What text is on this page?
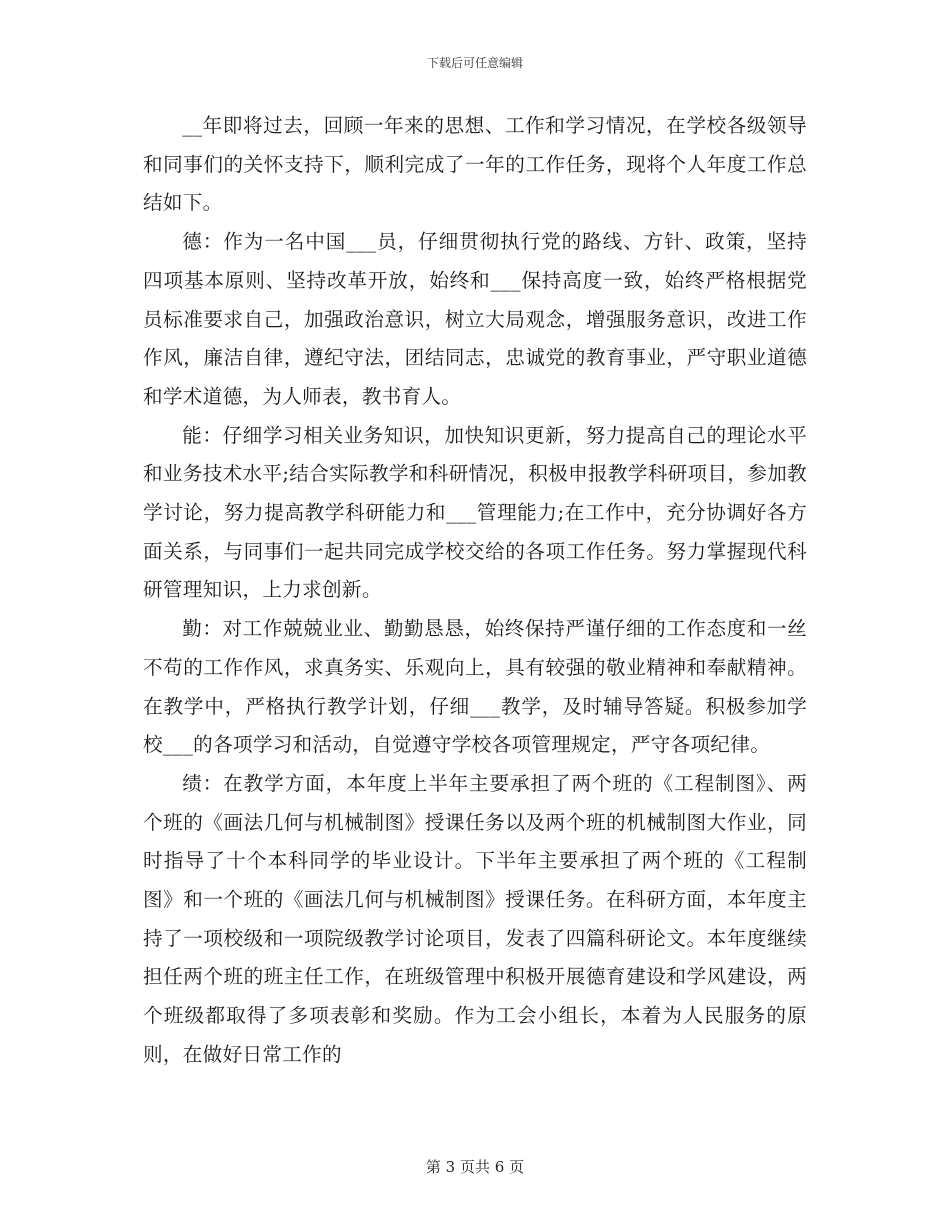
下载后可任意编辑

__年即将过去，回顾一年来的思想、工作和学习情况，在学校各级领导和同事们的关怀支持下，顺利完成了一年的工作任务，现将个人年度工作总结如下。

德：作为一名中国___员，仔细贯彻执行党的路线、方针、政策，坚持四项基本原则、坚持改革开放，始终和___保持高度一致，始终严格根据党员标准要求自己，加强政治意识，树立大局观念，增强服务意识，改进工作作风，廉洁自律，遵纪守法，团结同志，忠诚党的教育事业，严守职业道德和学术道德，为人师表，教书育人。

能：仔细学习相关业务知识，加快知识更新，努力提高自己的理论水平和业务技术水平;结合实际教学和科研情况，积极申报教学科研项目，参加教学讨论，努力提高教学科研能力和___管理能力;在工作中，充分协调好各方面关系，与同事们一起共同完成学校交给的各项工作任务。努力掌握现代科研管理知识，上力求创新。

勤：对工作兢兢业业、勤勤恳恳，始终保持严谨仔细的工作态度和一丝不苟的工作作风，求真务实、乐观向上，具有较强的敬业精神和奉献精神。在教学中，严格执行教学计划，仔细___教学，及时辅导答疑。积极参加学校___的各项学习和活动，自觉遵守学校各项管理规定，严守各项纪律。

绩：在教学方面，本年度上半年主要承担了两个班的《工程制图》、两个班的《画法几何与机械制图》授课任务以及两个班的机械制图大作业，同时指导了十个本科同学的毕业设计。下半年主要承担了两个班的《工程制图》和一个班的《画法几何与机械制图》授课任务。在科研方面，本年度主持了一项校级和一项院级教学讨论项目，发表了四篇科研论文。本年度继续担任两个班的班主任工作，在班级管理中积极开展德育建设和学风建设，两个班级都取得了多项表彰和奖励。作为工会小组长，本着为人民服务的原则，在做好日常工作的

第 3 页共 6 页
